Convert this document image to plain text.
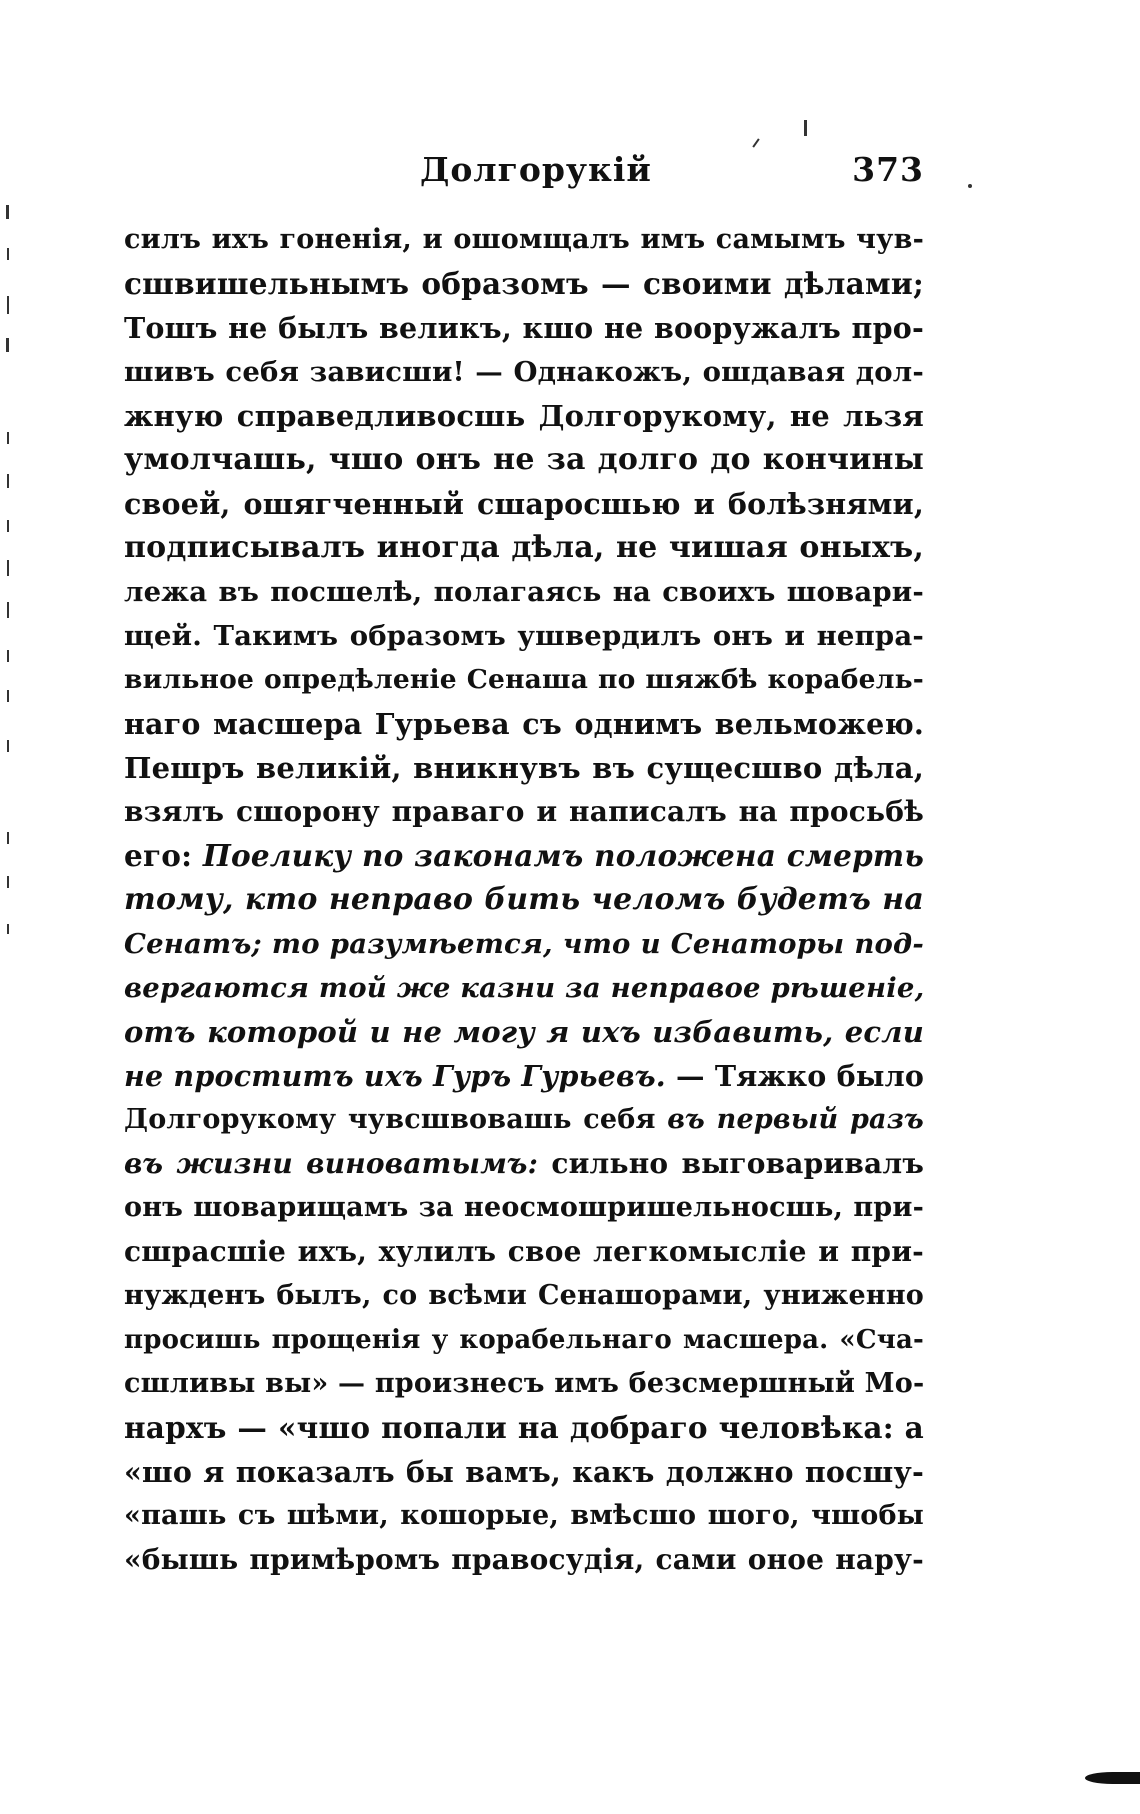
Долгорукій	373
силъ ихъ гоненія, и ошомщалъ имъ самымъ чув-
сшвишельнымъ образомъ — своими дѣлами;
Тошъ не былъ великъ, кшо не вооружалъ про-
шивъ себя зависши! — Однакожъ, ошдавая дол-
жную справедливосшь Долгорукому, не льзя
умолчашь, чшо онъ не за долго до кончины
своей, ошягченный сшаросшью и болѣзнями,
подписывалъ иногда дѣла, не чишая оныхъ,
лежа въ посшелѣ, полагаясь на своихъ шовари-
щей. Такимъ образомъ ушвердилъ онъ и непра-
вильное опредѣленіе Сенаша по шяжбѣ корабель-
наго масшера Гурьева съ однимъ вельможею.
Пешръ великій, вникнувъ въ сущесшво дѣла,
взялъ сшорону праваго и написалъ на просьбѣ
его: Поелику по законамъ положена смерть
тому, кто неправо бить челомъ будетъ на
Сенатъ; то разумѣется, что и Сенаторы под-
вергаются той же казни за неправое рѣшеніе,
отъ которой и не могу я ихъ избавить, если
не проститъ ихъ Гуръ Гурьевъ. — Тяжко было
Долгорукому чувсшвовашь себя въ первый разъ
въ жизни виноватымъ: сильно выговаривалъ
онъ шоварищамъ за неосмошришельносшь, при-
сшрасшіе ихъ, хулилъ свое легкомысліе и при-
нужденъ былъ, со всѣми Сенашорами, униженно
просишь прощенія у корабельнаго масшера. «Сча-
сшливы вы» — произнесъ имъ безсмершный Мо-
нархъ — «чшо попали на добраго человѣка: а
«шо я показалъ бы вамъ, какъ должно посшу-
«пашь съ шѣми, кошорые, вмѣсшо шого, чшобы
«бышь примѣромъ правосудія, сами оное нару-
